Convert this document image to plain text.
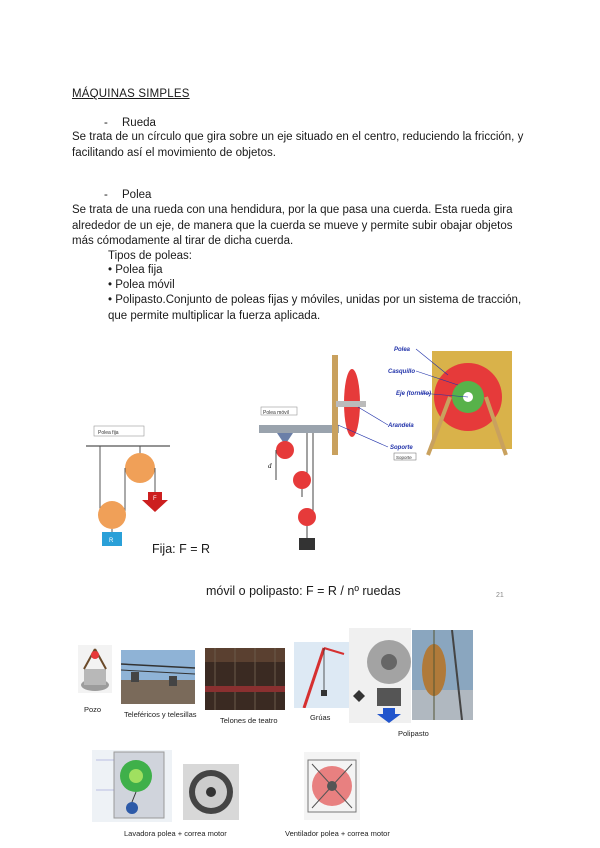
MÁQUINAS SIMPLES
- Rueda
Se trata de un círculo que gira sobre un eje situado en el centro, reduciendo la fricción, y facilitando así el movimiento de objetos.
- Polea
Se trata de una rueda con una hendidura, por la que pasa una cuerda. Esta rueda gira alrededor de un eje, de manera que la cuerda se mueve y permite subir obajar objetos más cómodamente al tirar de dicha cuerda.
Tipos de poleas:
• Polea fija
• Polea móvil
• Polipasto.Conjunto de poleas fijas y móviles, unidas por un sistema de tracción, que permite multiplicar la fuerza aplicada.
Polea fija
F
R
Fija: F = R
Polea móvil
d
Polea
Casquillo
Eje (tornillo)
Arandela
Soporte
Soporte
móvil o polipasto: F = R / nº ruedas	21
Pozo
Teleféricos y telesillas
Telones de teatro	Grúas
Polipasto
Lavadora polea + correa motor	Ventilador polea + correa motor
